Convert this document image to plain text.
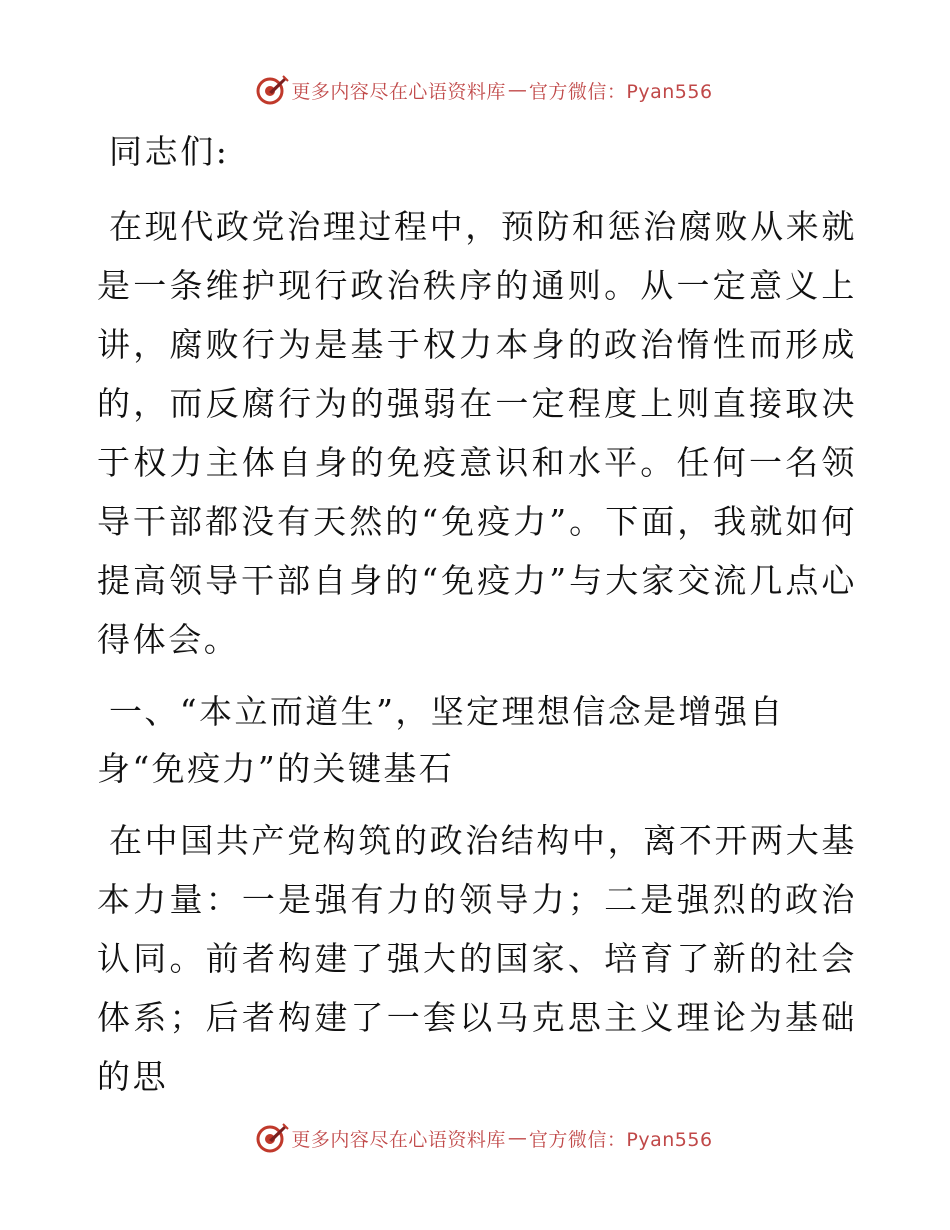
更多内容尽在心语资料库 — 官方微信：Pyan556

同志们:

在现代政党治理过程中，预防和惩治腐败从来就是一条维护现行政治秩序的通则。从一定意义上讲，腐败行为是基于权力本身的政治惰性而形成的，而反腐行为的强弱在一定程度上则直接取决于权力主体自身的免疫意识和水平。任何一名领导干部都没有天然的“免疫力”。下面，我就如何提高领导干部自身的“免疫力”与大家交流几点心得体会。

一、“本立而道生”，坚定理想信念是增强自身“免疫力”的关键基石

在中国共产党构筑的政治结构中，离不开两大基本力量：一是强有力的领导力；二是强烈的政治认同。前者构建了强大的国家、培育了新的社会体系；后者构建了一套以马克思主义理论为基础的思

更多内容尽在心语资料库 — 官方微信：Pyan556
